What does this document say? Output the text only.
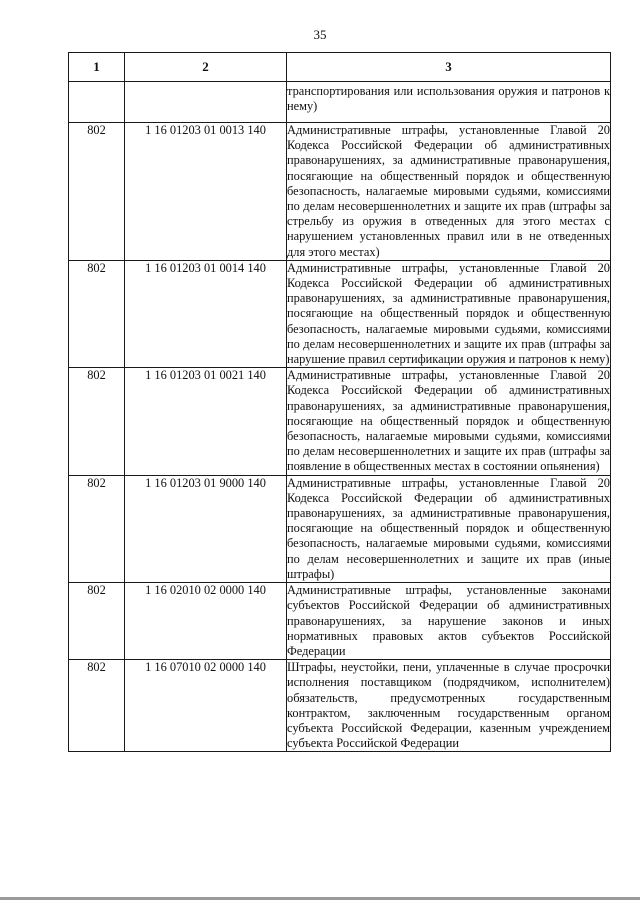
35
1	2	3
		транспортирования или использования оружия и патронов к нему)
802	1 16 01203 01 0013 140	Административные штрафы, установленные Главой 20 Кодекса Российской Федерации об административных правонарушениях, за административные правонарушения, посягающие на общественный порядок и общественную безопасность, налагаемые мировыми судьями, комиссиями по делам несовершеннолетних и защите их прав (штрафы за стрельбу из оружия в отведенных для этого местах с нарушением установленных правил или в не отведенных для этого местах)
802	1 16 01203 01 0014 140	Административные штрафы, установленные Главой 20 Кодекса Российской Федерации об административных правонарушениях, за административные правонарушения, посягающие на общественный порядок и общественную безопасность, налагаемые мировыми судьями, комиссиями по делам несовершеннолетних и защите их прав (штрафы за нарушение правил сертификации оружия и патронов к нему)
802	1 16 01203 01 0021 140	Административные штрафы, установленные Главой 20 Кодекса Российской Федерации об административных правонарушениях, за административные правонарушения, посягающие на общественный порядок и общественную безопасность, налагаемые мировыми судьями, комиссиями по делам несовершеннолетних и защите их прав (штрафы за появление в общественных местах в состоянии опьянения)
802	1 16 01203 01 9000 140	Административные штрафы, установленные Главой 20 Кодекса Российской Федерации об административных правонарушениях, за административные правонарушения, посягающие на общественный порядок и общественную безопасность, налагаемые мировыми судьями, комиссиями по делам несовершеннолетних и защите их прав (иные штрафы)
802	1 16 02010 02 0000 140	Административные штрафы, установленные законами субъектов Российской Федерации об административных правонарушениях, за нарушение законов и иных нормативных правовых актов субъектов Российской Федерации
802	1 16 07010 02 0000 140	Штрафы, неустойки, пени, уплаченные в случае просрочки исполнения поставщиком (подрядчиком, исполнителем) обязательств, предусмотренных государственным контрактом, заключенным государственным органом субъекта Российской Федерации, казенным учреждением субъекта Российской Федерации
